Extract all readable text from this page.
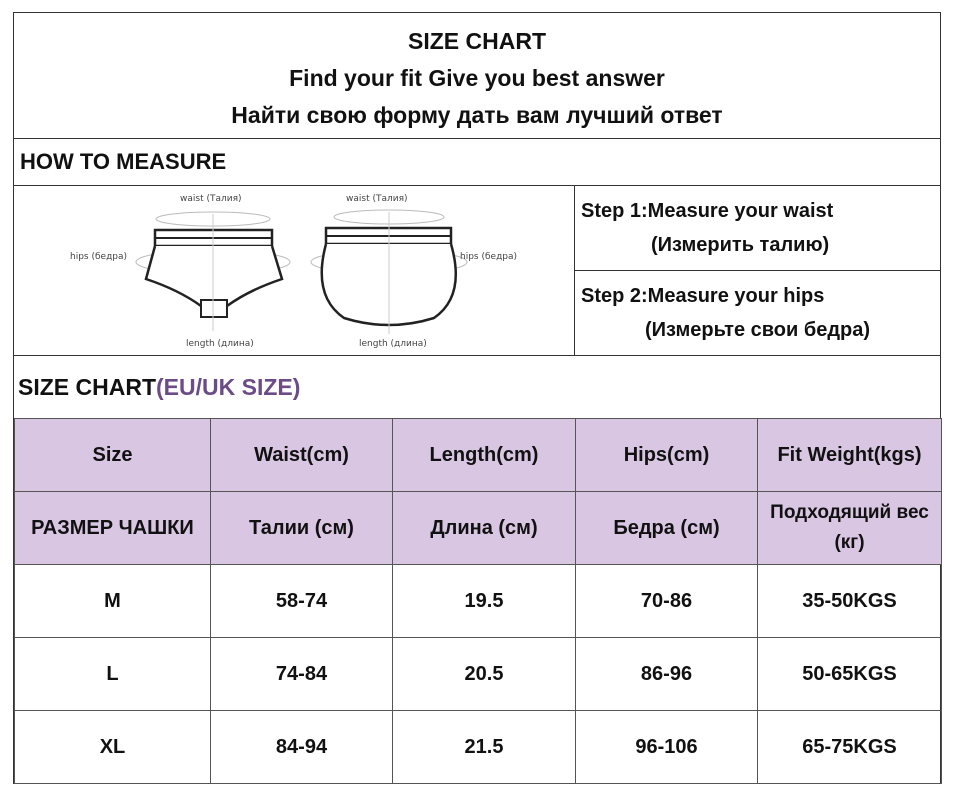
SIZE CHART
Find your fit Give you best answer
Найти свою форму дать вам лучший ответ
HOW TO MEASURE
waist (Талия)
hips (бедра)
length (длина)
waist (Талия)
hips (бедра)
length (длина)
Step 1:Measure your waist
(Измерить талию)
Step 2:Measure your hips
(Измерьте свои бедра)
SIZE CHART(EU/UK SIZE)
Size	Waist(cm)	Length(cm)	Hips(cm)	Fit Weight(kgs)
РАЗМЕР ЧАШКИ	Талии (см)	Длина (см)	Бедра (см)	Подходящий вес (кг)
M	58-74	19.5	70-86	35-50KGS
L	74-84	20.5	86-96	50-65KGS
XL	84-94	21.5	96-106	65-75KGS
